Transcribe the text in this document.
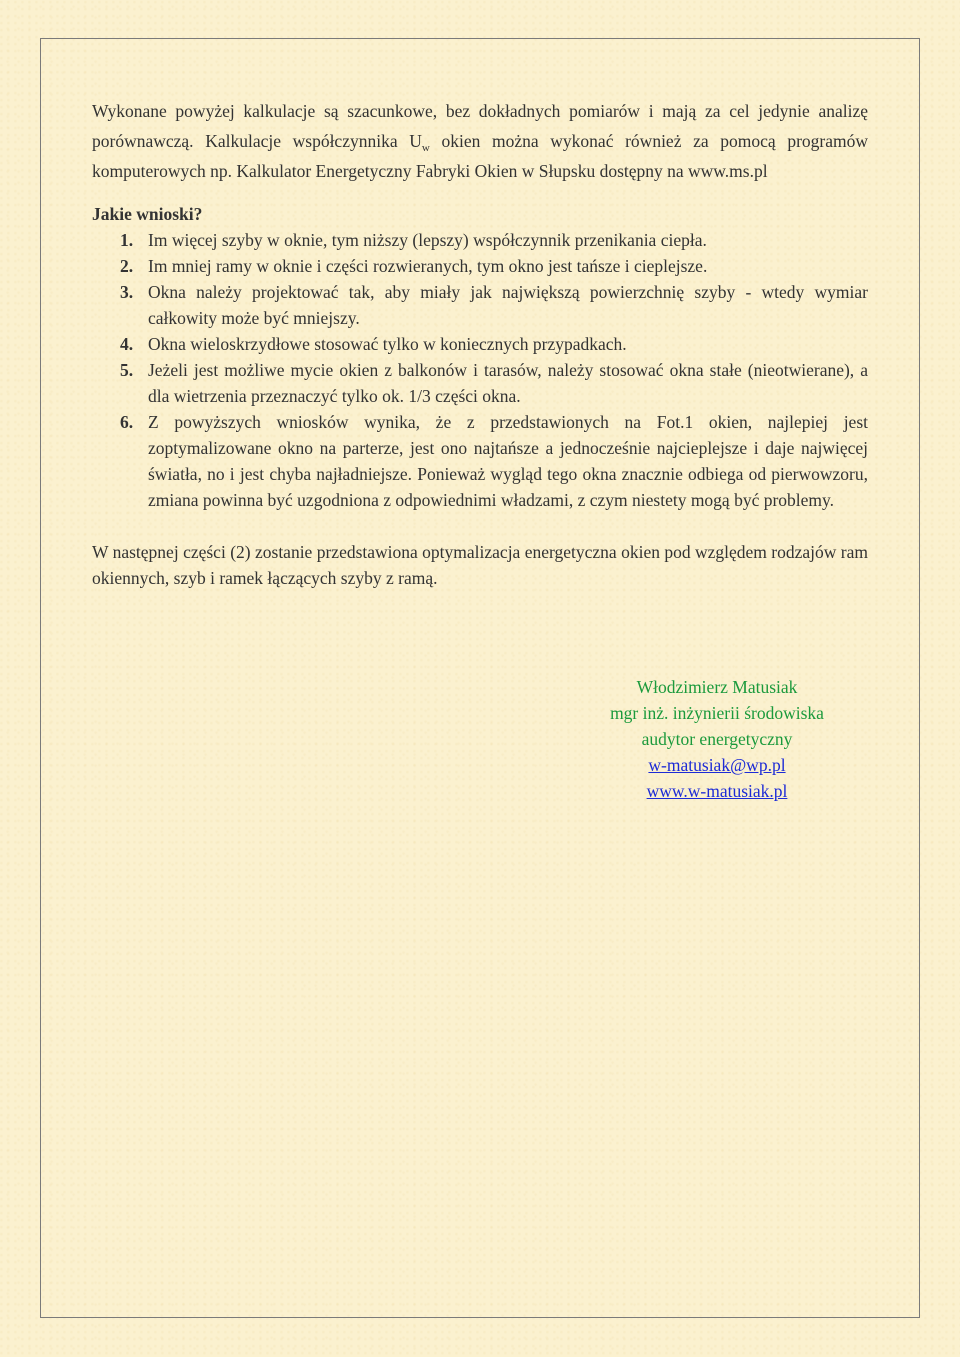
Wykonane powyżej kalkulacje są szacunkowe, bez dokładnych pomiarów i mają za cel jedynie analizę porównawczą. Kalkulacje współczynnika $U_w$ okien można wykonać również za pomocą programów komputerowych np. Kalkulator Energetyczny Fabryki Okien w Słupsku dostępny na www.ms.pl

Jakie wnioski?

1. Im więcej szyby w oknie, tym niższy (lepszy) współczynnik przenikania ciepła.
2. Im mniej ramy w oknie i części rozwieranych, tym okno jest tańsze i cieplejsze.
3. Okna należy projektować tak, aby miały jak największą powierzchnię szyby - wtedy wymiar całkowity może być mniejszy.
4. Okna wieloskrzydłowe stosować tylko w koniecznych przypadkach.
5. Jeżeli jest możliwe mycie okien z balkonów i tarasów, należy stosować okna stałe (nieotwierane), a dla wietrzenia przeznaczyć tylko ok. 1/3 części okna.
6. Z powyższych wniosków wynika, że z przedstawionych na Fot.1 okien, najlepiej jest zoptymalizowane okno na parterze, jest ono najtańsze a jednocześnie najcieplejsze i daje najwięcej światła, no i jest chyba najładniejsze. Ponieważ wygląd tego okna znacznie odbiega od pierwowzoru, zmiana powinna być uzgodniona z odpowiednimi władzami, z czym niestety mogą być problemy.

W następnej części (2) zostanie przedstawiona optymalizacja energetyczna okien pod względem rodzajów ram okiennych, szyb i ramek łączących szyby z ramą.

Włodzimierz Matusiak
mgr inż. inżynierii środowiska
audytor energetyczny
w-matusiak@wp.pl
www.w-matusiak.pl
